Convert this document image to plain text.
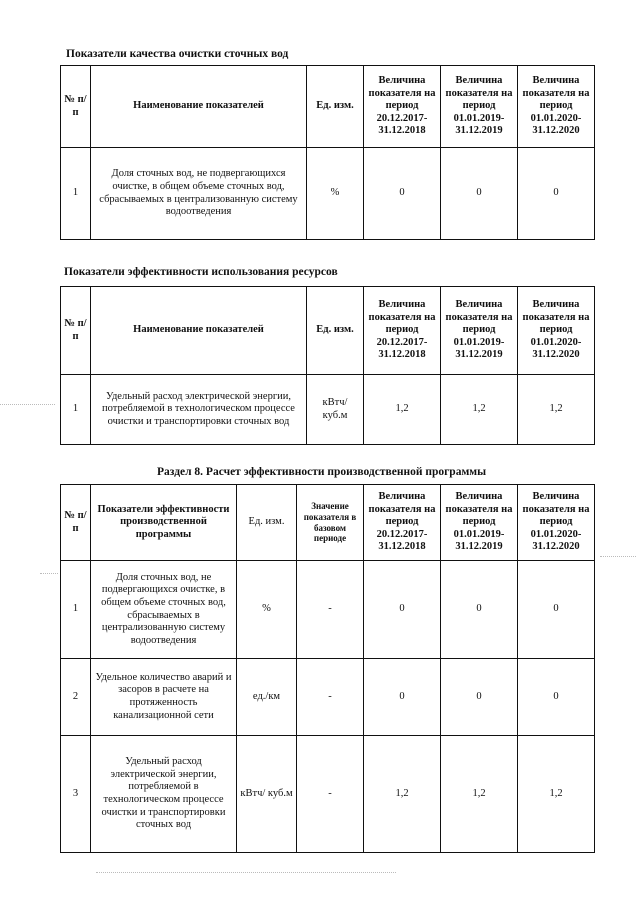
Показатели качества очистки сточных вод
№ п/п	Наименование показателей	Ед. изм.	Величина показателя на период 20.12.2017-31.12.2018	Величина показателя на период 01.01.2019-31.12.2019	Величина показателя на период 01.01.2020-31.12.2020
1	Доля сточных вод, не подвергающихся очистке, в общем объеме сточных вод, сбрасываемых в централизованную систему водоотведения	%	0	0	0
Показатели эффективности использования ресурсов
№ п/п	Наименование показателей	Ед. изм.	Величина показателя на период 20.12.2017-31.12.2018	Величина показателя на период 01.01.2019-31.12.2019	Величина показателя на период 01.01.2020-31.12.2020
1	Удельный расход электрической энергии, потребляемой в технологическом процессе очистки и транспортировки сточных вод	кВтч/ куб.м	1,2	1,2	1,2
Раздел 8. Расчет эффективности производственной программы
№ п/п	Показатели эффективности производственной программы	Ед. изм.	Значение показателя в базовом периоде	Величина показателя на период 20.12.2017-31.12.2018	Величина показателя на период 01.01.2019-31.12.2019	Величина показателя на период 01.01.2020-31.12.2020
1	Доля сточных вод, не подвергающихся очистке, в общем объеме сточных вод, сбрасываемых в централизованную систему водоотведения	%	-	0	0	0
2	Удельное количество аварий и засоров в расчете на протяженность канализационной сети	ед./км	-	0	0	0
3	Удельный расход электрической энергии, потребляемой в технологическом процессе очистки и транспортировки сточных вод	кВтч/ куб.м	-	1,2	1,2	1,2
